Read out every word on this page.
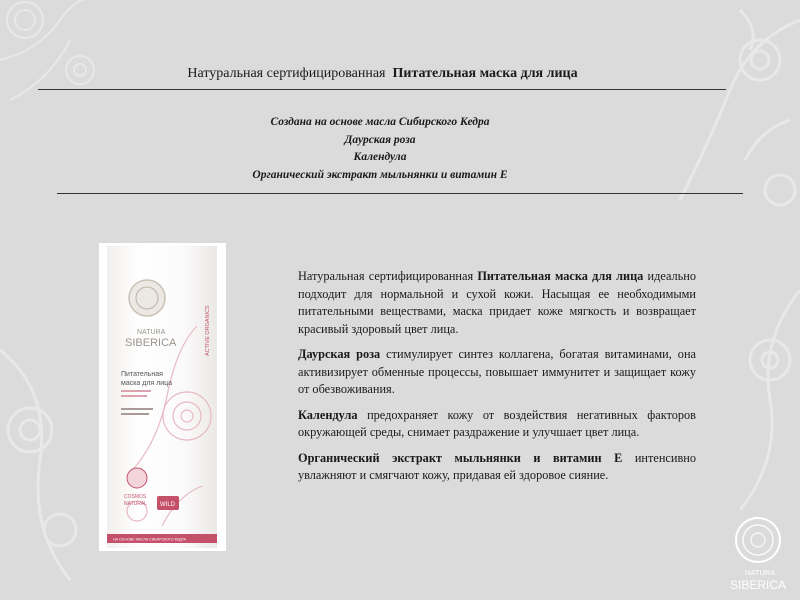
Натуральная сертифицированная Питательная маска для лица
Создана на основе масла Сибирского Кедра
Даурская роза
Календула
Органический экстракт мыльнянки и витамин Е
NATURA
SIBERICA	ACTIVE ORGANICS
Питательная
маска для лица
COSMOS
NATURAL WILD
НА ОСНОВЕ МАСЛА СИБИРСКОГО КЕДРА

Натуральная сертифицированная Питательная маска для лица идеально подходит для нормальной и сухой кожи. Насыщая ее необходимыми питательными веществами, маска придает коже мягкость и возвращает красивый здоровый цвет лица.

Даурская роза стимулирует синтез коллагена, богатая витаминами, она активизирует обменные процессы, повышает иммунитет и защищает кожу от обезвоживания.

Календула предохраняет кожу от воздействия негативных факторов окружающей среды, снимает раздражение и улучшает цвет лица.

Органический экстракт мыльнянки и витамин Е интенсивно увлажняют и смягчают кожу, придавая ей здоровое сияние.

NATURA
SIBERICA
